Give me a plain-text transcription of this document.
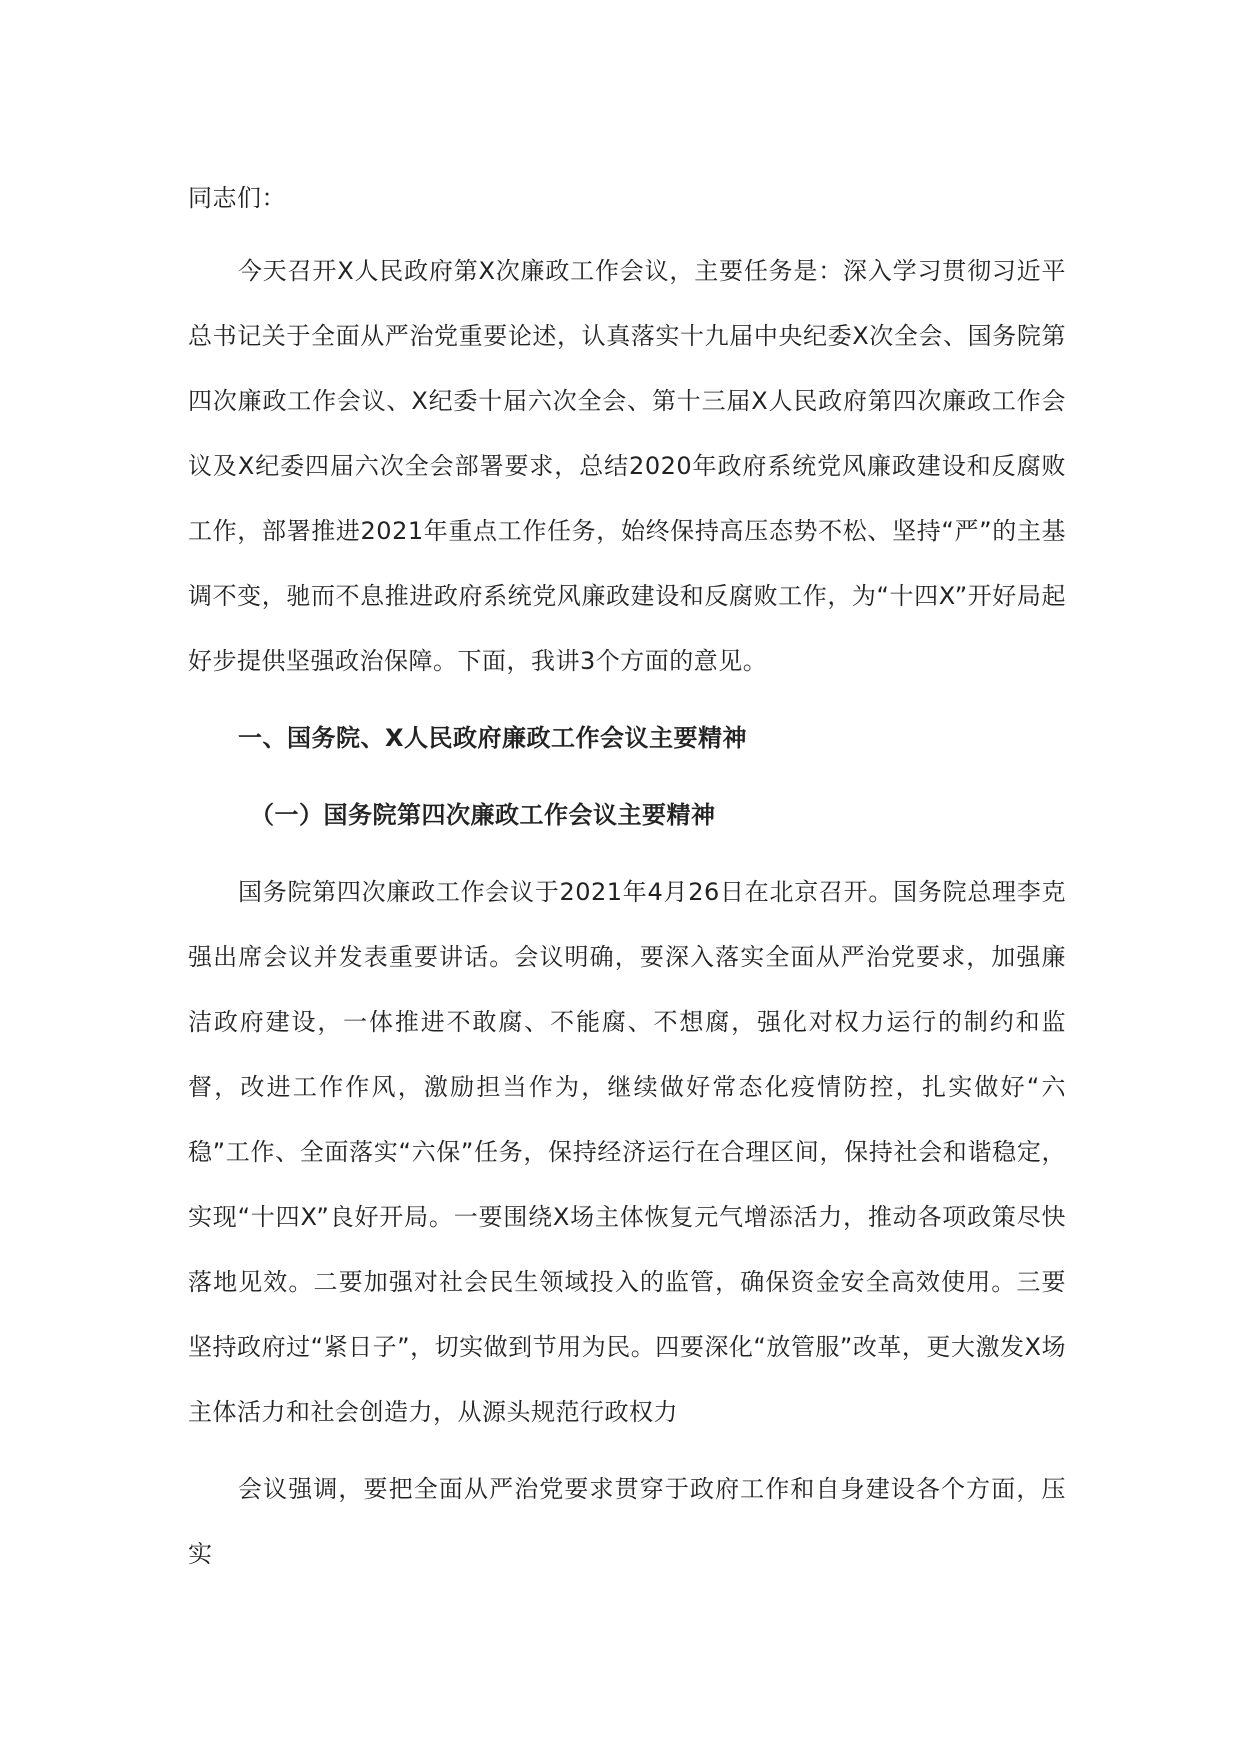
同志们：

今天召开X人民政府第X次廉政工作会议，主要任务是：深入学习贯彻习近平总书记关于全面从严治党重要论述，认真落实十九届中央纪委X次全会、国务院第四次廉政工作会议、X纪委十届六次全会、第十三届X人民政府第四次廉政工作会议及X纪委四届六次全会部署要求，总结2020年政府系统党风廉政建设和反腐败工作，部署推进2021年重点工作任务，始终保持高压态势不松、坚持“严”的主基调不变，驰而不息推进政府系统党风廉政建设和反腐败工作，为“十四X”开好局起好步提供坚强政治保障。下面，我讲3个方面的意见。

一、国务院、X人民政府廉政工作会议主要精神

（一）国务院第四次廉政工作会议主要精神

国务院第四次廉政工作会议于2021年4月26日在北京召开。国务院总理李克强出席会议并发表重要讲话。会议明确，要深入落实全面从严治党要求，加强廉洁政府建设，一体推进不敢腐、不能腐、不想腐，强化对权力运行的制约和监督，改进工作作风，激励担当作为，继续做好常态化疫情防控，扎实做好“六稳”工作、全面落实“六保”任务，保持经济运行在合理区间，保持社会和谐稳定，实现“十四X”良好开局。一要围绕X场主体恢复元气增添活力，推动各项政策尽快落地见效。二要加强对社会民生领域投入的监管，确保资金安全高效使用。三要坚持政府过“紧日子”，切实做到节用为民。四要深化“放管服”改革，更大激发X场主体活力和社会创造力，从源头规范行政权力

会议强调，要把全面从严治党要求贯穿于政府工作和自身建设各个方面，压实
